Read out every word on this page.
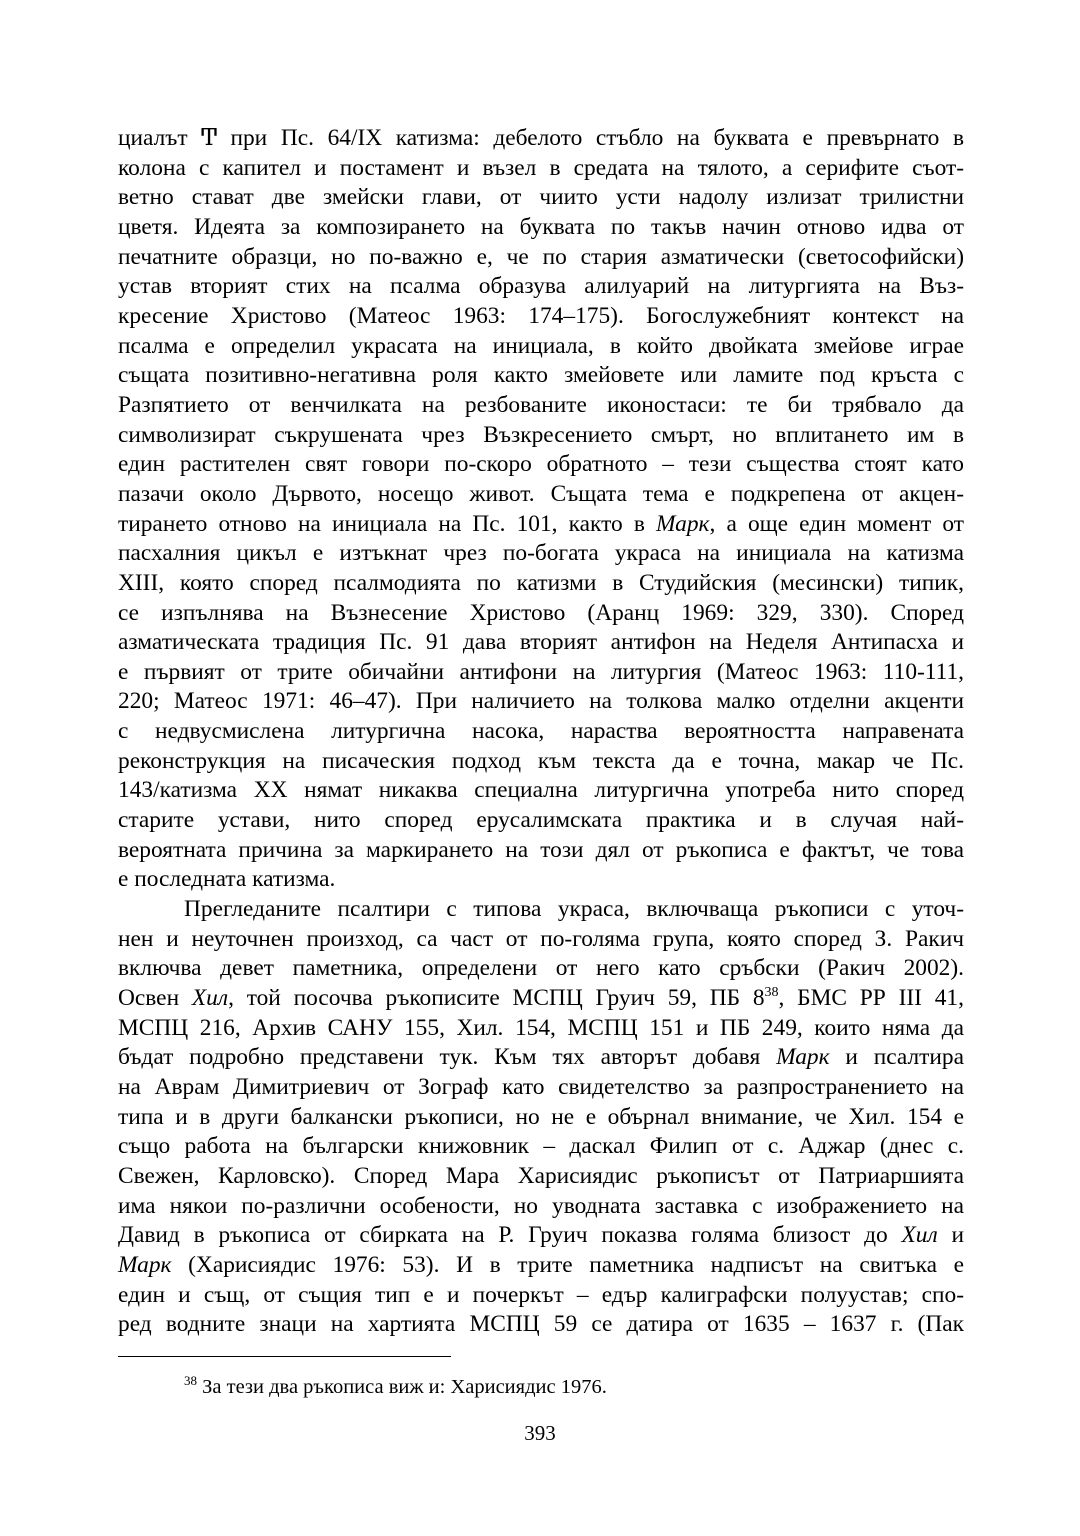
циалът Ͳ при Пс. 64/IX катизма: дебелото стъбло на буквата е превърнато в
колона с капител и постамент и възел в средата на тялото, а серифите съот-
ветно стават две змейски глави, от чиито усти надолу излизат трилистни
цветя. Идеята за композирането на буквата по такъв начин отново идва от
печатните образци, но по-важно е, че по стария азматически (светософийски)
устав вторият стих на псалма образува алилуарий на литургията на Въз-
кресение Христово (Матеос 1963: 174–175). Богослужебният контекст на
псалма е определил украсата на инициала, в който двойката змейове играе
същата позитивно-негативна роля както змейовете или ламите под кръста с
Разпятието от венчилката на резбованите иконостаси: те би трябвало да
символизират съкрушената чрез Възкресението смърт, но вплитането им в
един растителен свят говори по-скоро обратното – тези същества стоят като
пазачи около Дървото, носещо живот. Същата тема е подкрепена от акцен-
тирането отново на инициала на Пс. 101, както в Марк, а още един момент от
пасхалния цикъл е изтъкнат чрез по-богата украса на инициала на катизма
XIII, която според псалмодията по катизми в Студийския (месински) типик,
се изпълнява на Възнесение Христово (Аранц 1969: 329, 330). Според
азматическата традиция Пс. 91 дава вторият антифон на Неделя Антипасха и
е първият от трите обичайни антифони на литургия (Матеос 1963: 110-111,
220; Матеос 1971: 46–47). При наличието на толкова малко отделни акценти
с недвусмислена литургична насока, нараства вероятността направената
реконструкция на писаческия подход към текста да е точна, макар че Пс.
143/катизма XX нямат никаква специална литургична употреба нито според
старите устави, нито според ерусалимската практика и в случая най-
вероятната причина за маркирането на този дял от ръкописа е фактът, че това
е последната катизма.
Прегледаните псалтири с типова украса, включваща ръкописи с уточ-
нен и неуточнен произход, са част от по-голяма група, която според З. Ракич
включва девет паметника, определени от него като сръбски (Ракич 2002).
Освен Хил, той посочва ръкописите МСПЦ Груич 59, ПБ $8^{38}$, БМС РР III 41,
МСПЦ 216, Архив САНУ 155, Хил. 154, МСПЦ 151 и ПБ 249, които няма да
бъдат подробно представени тук. Към тях авторът добавя Марк и псалтира
на Аврам Димитриевич от Зограф като свидетелство за разпространението на
типа и в други балкански ръкописи, но не е обърнал внимание, че Хил. 154 е
също работа на български книжовник – даскал Филип от с. Аджар (днес с.
Свежен, Карловско). Според Мара Харисиядис ръкописът от Патриаршията
има някои по-различни особености, но уводната заставка с изображението на
Давид в ръкописа от сбирката на Р. Груич показва голяма близост до Хил и
Марк (Харисиядис 1976: 53). И в трите паметника надписът на свитъка е
един и същ, от същия тип е и почеркът – едър калиграфски полуустав; спо-
ред водните знаци на хартията МСПЦ 59 се датира от 1635 – 1637 г. (Пак
$^{38}$ За тези два ръкописа виж и: Харисиядис 1976.
393
